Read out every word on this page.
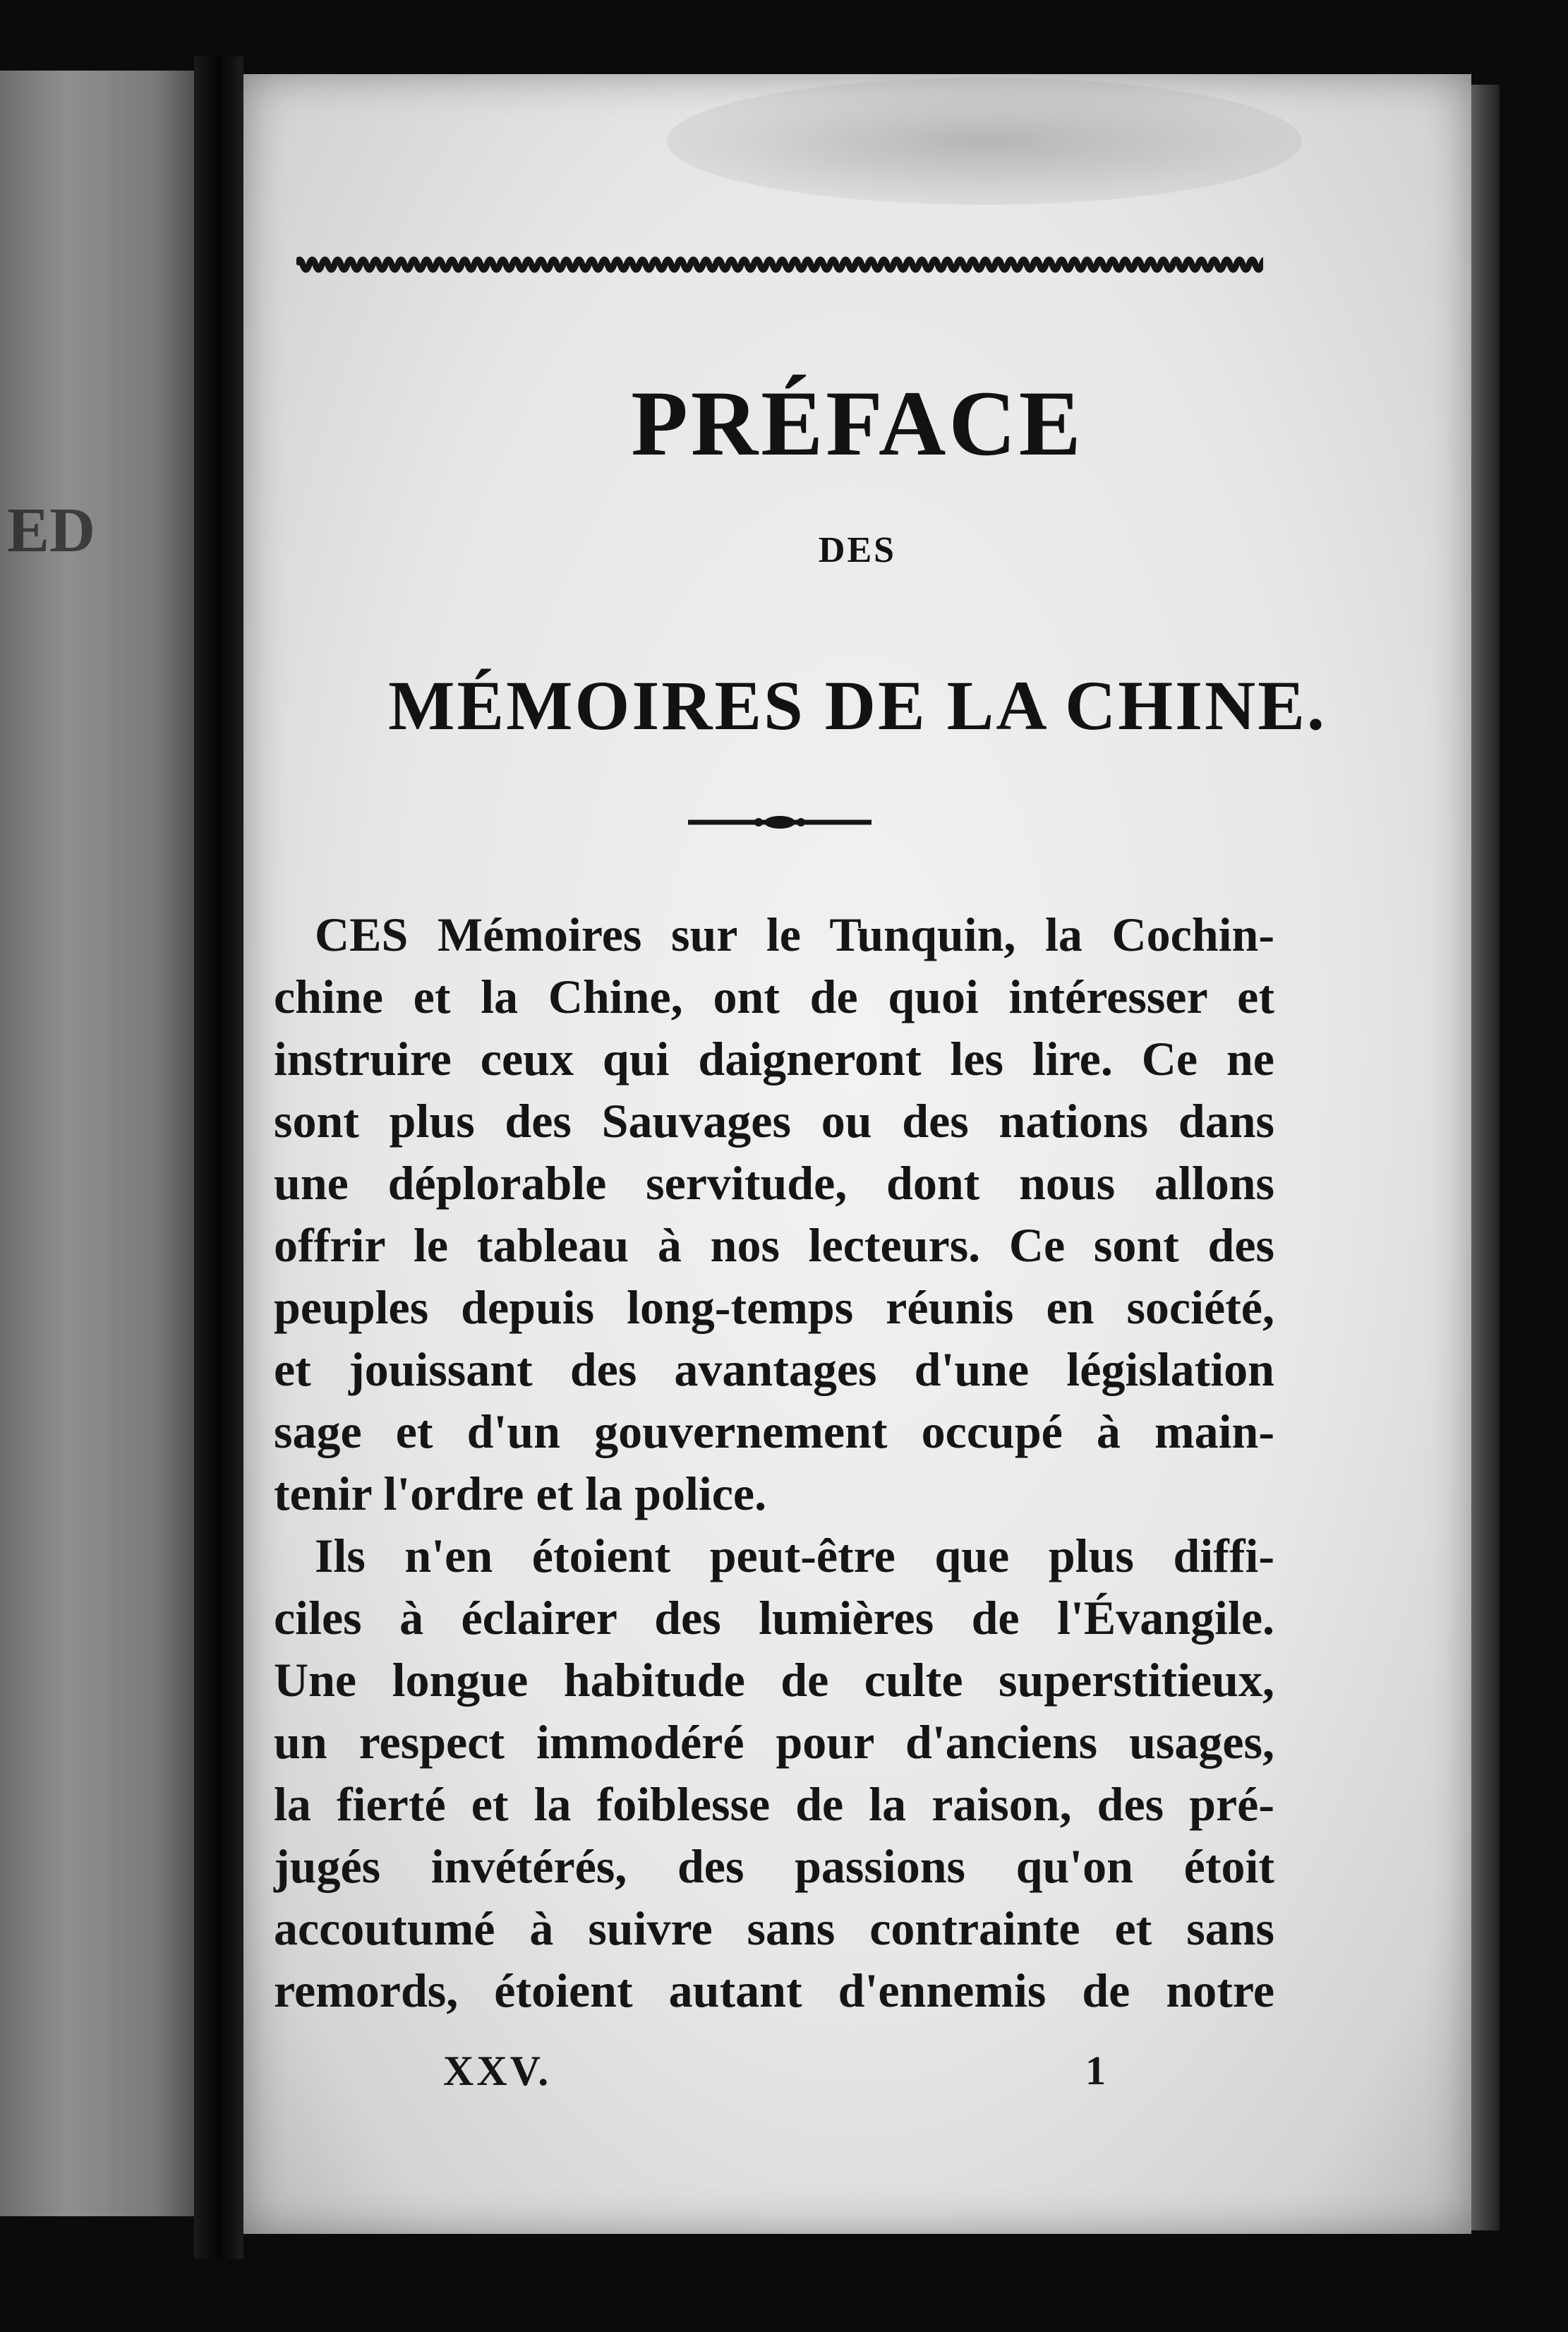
ED
PRÉFACE
DES
MÉMOIRES DE LA CHINE.
CES Mémoires sur le Tunquin, la Cochin-
chine et la Chine, ont de quoi intéresser et
instruire ceux qui daigneront les lire. Ce ne
sont plus des Sauvages ou des nations dans
une déplorable servitude, dont nous allons
offrir le tableau à nos lecteurs. Ce sont des
peuples depuis long-temps réunis en société,
et jouissant des avantages d'une législation
sage et d'un gouvernement occupé à main-
tenir l'ordre et la police.
Ils n'en étoient peut-être que plus diffi-
ciles à éclairer des lumières de l'Évangile.
Une longue habitude de culte superstitieux,
un respect immodéré pour d'anciens usages,
la fierté et la foiblesse de la raison, des pré-
jugés invétérés, des passions qu'on étoit
accoutumé à suivre sans contrainte et sans
remords, étoient autant d'ennemis de notre
XXV.	1
